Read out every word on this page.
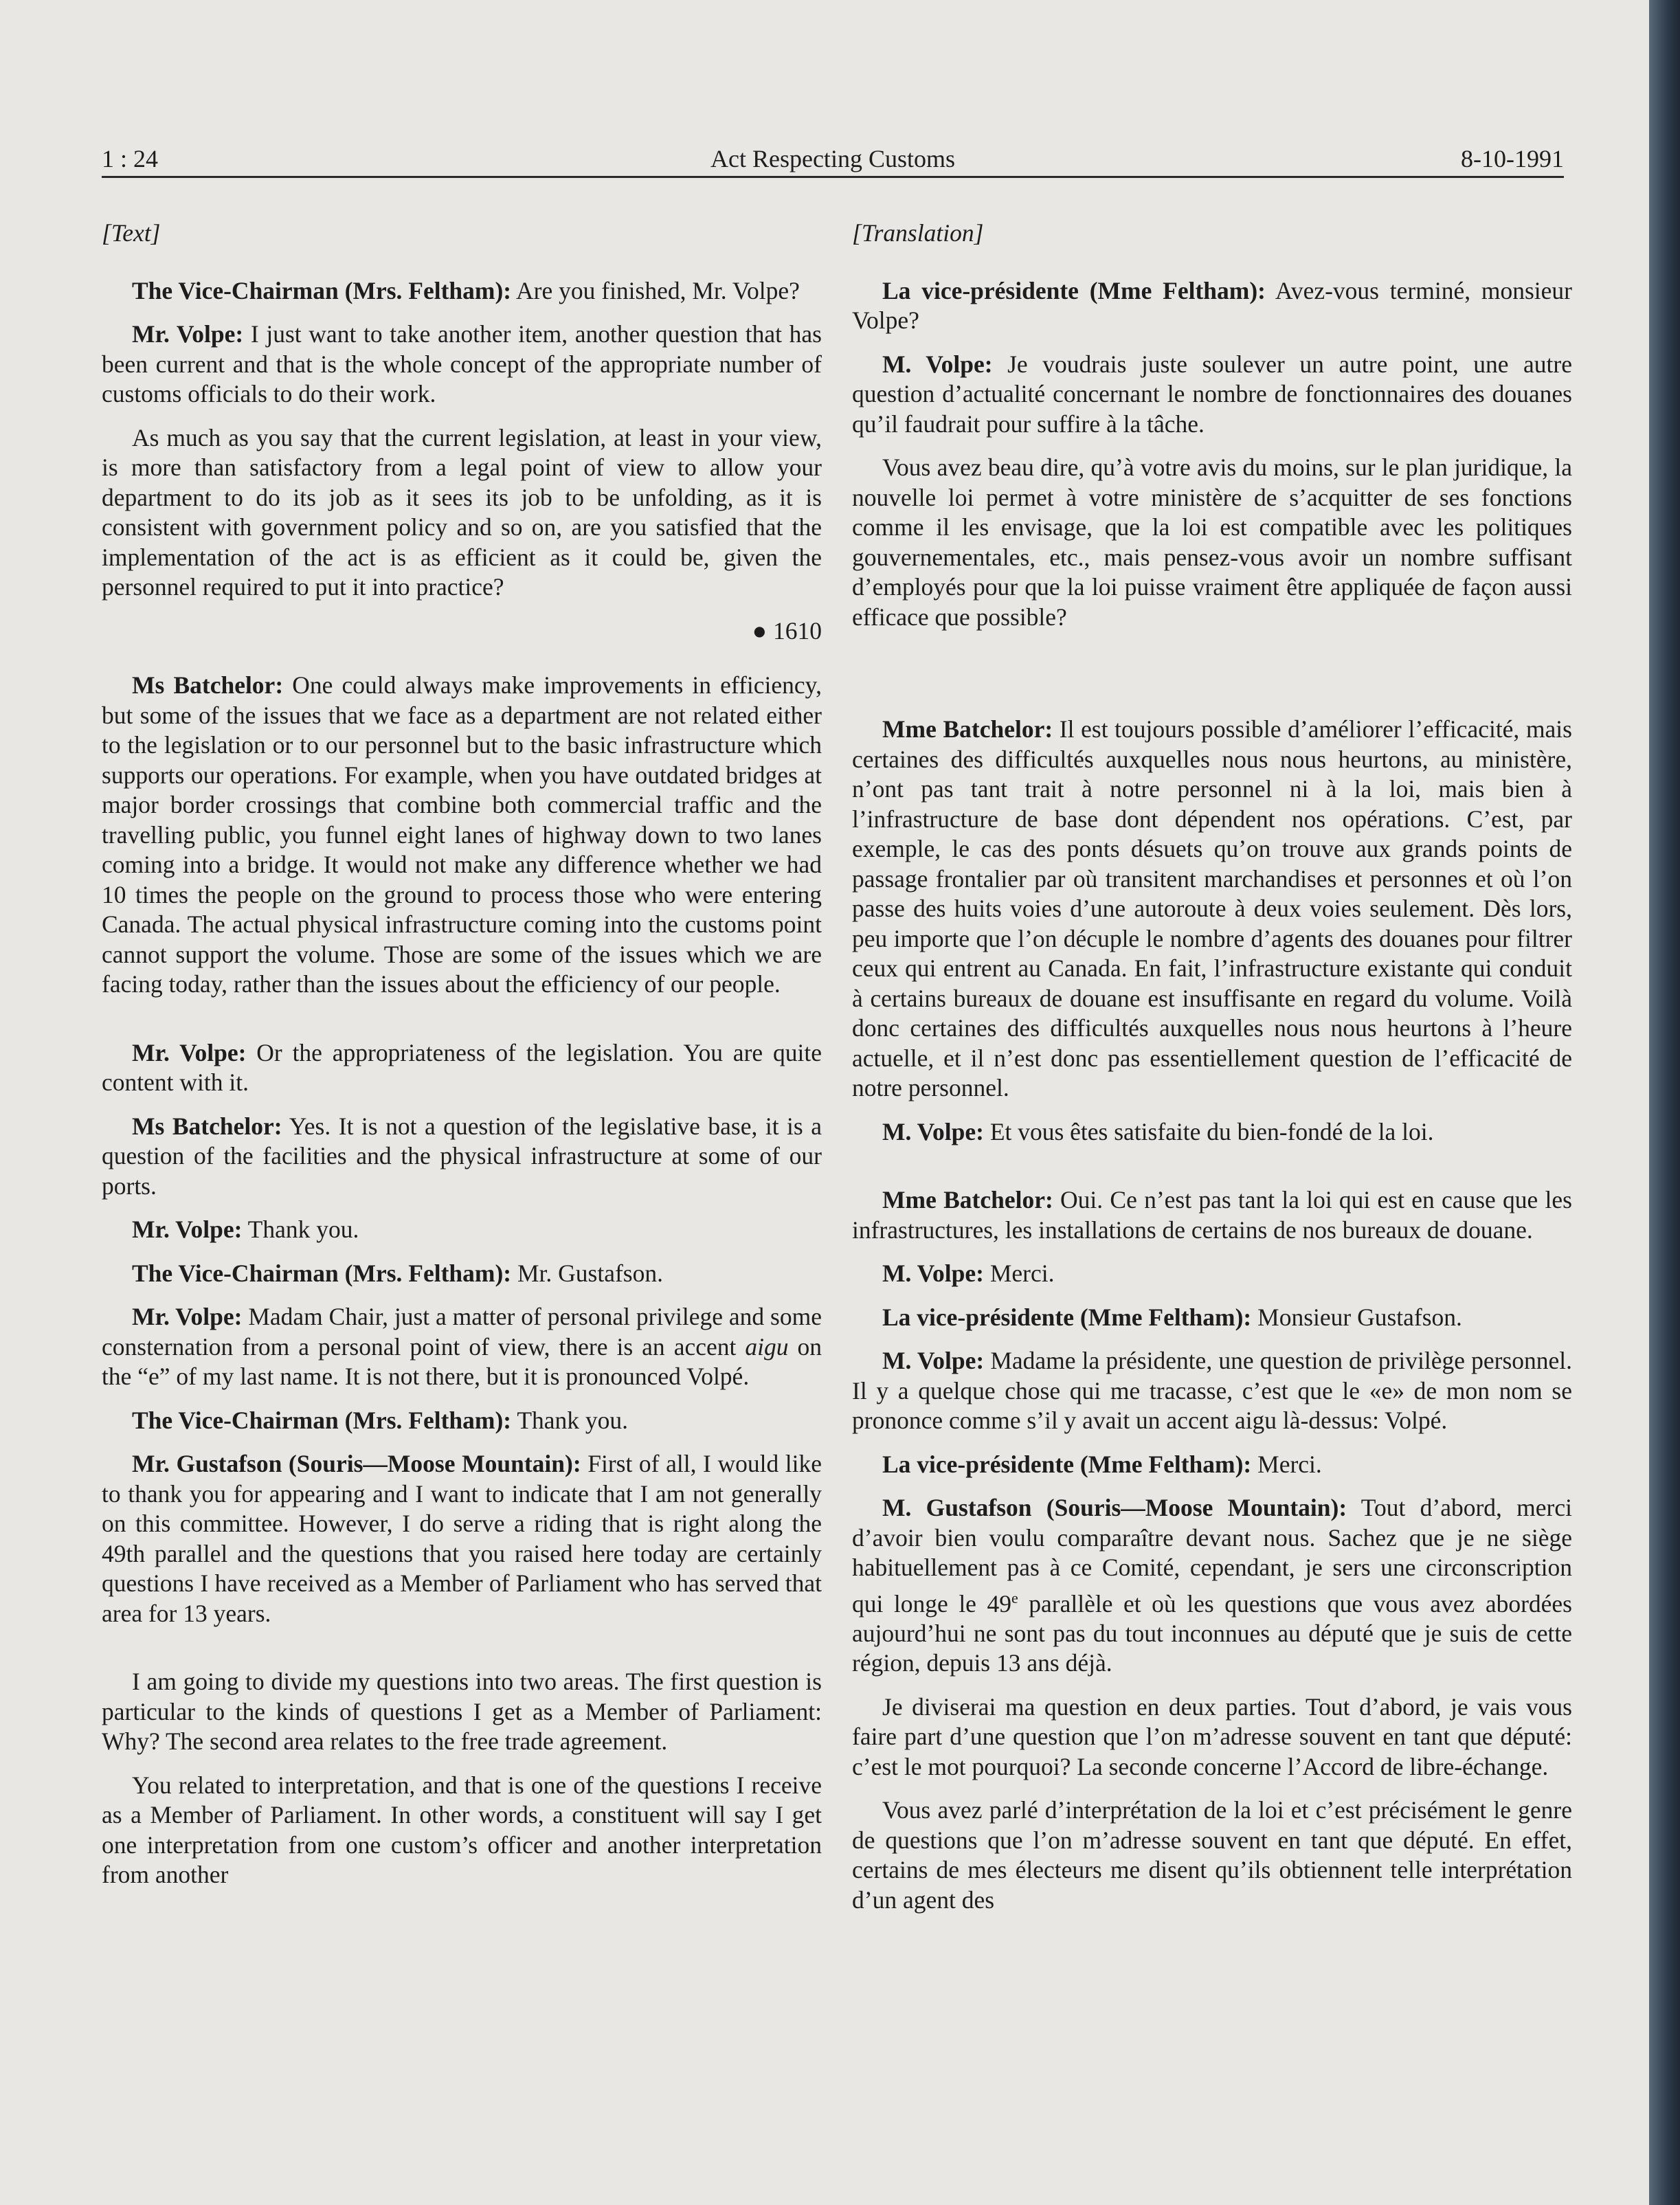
1 : 24	Act Respecting Customs	8-10-1991

[Text]

The Vice-Chairman (Mrs. Feltham): Are you finished, Mr. Volpe?

Mr. Volpe: I just want to take another item, another question that has been current and that is the whole concept of the appropriate number of customs officials to do their work.

As much as you say that the current legislation, at least in your view, is more than satisfactory from a legal point of view to allow your department to do its job as it sees its job to be unfolding, as it is consistent with government policy and so on, are you satisfied that the implementation of the act is as efficient as it could be, given the personnel required to put it into practice?

● 1610

Ms Batchelor: One could always make improvements in efficiency, but some of the issues that we face as a department are not related either to the legislation or to our personnel but to the basic infrastructure which supports our operations. For example, when you have outdated bridges at major border crossings that combine both commercial traffic and the travelling public, you funnel eight lanes of highway down to two lanes coming into a bridge. It would not make any difference whether we had 10 times the people on the ground to process those who were entering Canada. The actual physical infrastructure coming into the customs point cannot support the volume. Those are some of the issues which we are facing today, rather than the issues about the efficiency of our people.

Mr. Volpe: Or the appropriateness of the legislation. You are quite content with it.

Ms Batchelor: Yes. It is not a question of the legislative base, it is a question of the facilities and the physical infrastructure at some of our ports.

Mr. Volpe: Thank you.

The Vice-Chairman (Mrs. Feltham): Mr. Gustafson.

Mr. Volpe: Madam Chair, just a matter of personal privilege and some consternation from a personal point of view, there is an accent aigu on the “e” of my last name. It is not there, but it is pronounced Volpé.

The Vice-Chairman (Mrs. Feltham): Thank you.

Mr. Gustafson (Souris—Moose Mountain): First of all, I would like to thank you for appearing and I want to indicate that I am not generally on this committee. However, I do serve a riding that is right along the 49th parallel and the questions that you raised here today are certainly questions I have received as a Member of Parliament who has served that area for 13 years.

I am going to divide my questions into two areas. The first question is particular to the kinds of questions I get as a Member of Parliament: Why? The second area relates to the free trade agreement.

You related to interpretation, and that is one of the questions I receive as a Member of Parliament. In other words, a constituent will say I get one interpretation from one custom’s officer and another interpretation from another

[Translation]

La vice-présidente (Mme Feltham): Avez-vous terminé, monsieur Volpe?

M. Volpe: Je voudrais juste soulever un autre point, une autre question d’actualité concernant le nombre de fonctionnaires des douanes qu’il faudrait pour suffire à la tâche.

Vous avez beau dire, qu’à votre avis du moins, sur le plan juridique, la nouvelle loi permet à votre ministère de s’acquitter de ses fonctions comme il les envisage, que la loi est compatible avec les politiques gouvernementales, etc., mais pensez-vous avoir un nombre suffisant d’employés pour que la loi puisse vraiment être appliquée de façon aussi efficace que possible?

Mme Batchelor: Il est toujours possible d’améliorer l’efficacité, mais certaines des difficultés auxquelles nous nous heurtons, au ministère, n’ont pas tant trait à notre personnel ni à la loi, mais bien à l’infrastructure de base dont dépendent nos opérations. C’est, par exemple, le cas des ponts désuets qu’on trouve aux grands points de passage frontalier par où transitent marchandises et personnes et où l’on passe des huits voies d’une autoroute à deux voies seulement. Dès lors, peu importe que l’on décuple le nombre d’agents des douanes pour filtrer ceux qui entrent au Canada. En fait, l’infrastructure existante qui conduit à certains bureaux de douane est insuffisante en regard du volume. Voilà donc certaines des difficultés auxquelles nous nous heurtons à l’heure actuelle, et il n’est donc pas essentiellement question de l’efficacité de notre personnel.

M. Volpe: Et vous êtes satisfaite du bien-fondé de la loi.

Mme Batchelor: Oui. Ce n’est pas tant la loi qui est en cause que les infrastructures, les installations de certains de nos bureaux de douane.

M. Volpe: Merci.

La vice-présidente (Mme Feltham): Monsieur Gustafson.

M. Volpe: Madame la présidente, une question de privilège personnel. Il y a quelque chose qui me tracasse, c’est que le «e» de mon nom se prononce comme s’il y avait un accent aigu là-dessus: Volpé.

La vice-présidente (Mme Feltham): Merci.

M. Gustafson (Souris—Moose Mountain): Tout d’abord, merci d’avoir bien voulu comparaître devant nous. Sachez que je ne siège habituellement pas à ce Comité, cependant, je sers une circonscription qui longe le 49e parallèle et où les questions que vous avez abordées aujourd’hui ne sont pas du tout inconnues au député que je suis de cette région, depuis 13 ans déjà.

Je diviserai ma question en deux parties. Tout d’abord, je vais vous faire part d’une question que l’on m’adresse souvent en tant que député: c’est le mot pourquoi? La seconde concerne l’Accord de libre-échange.

Vous avez parlé d’interprétation de la loi et c’est précisément le genre de questions que l’on m’adresse souvent en tant que député. En effet, certains de mes électeurs me disent qu’ils obtiennent telle interprétation d’un agent des
